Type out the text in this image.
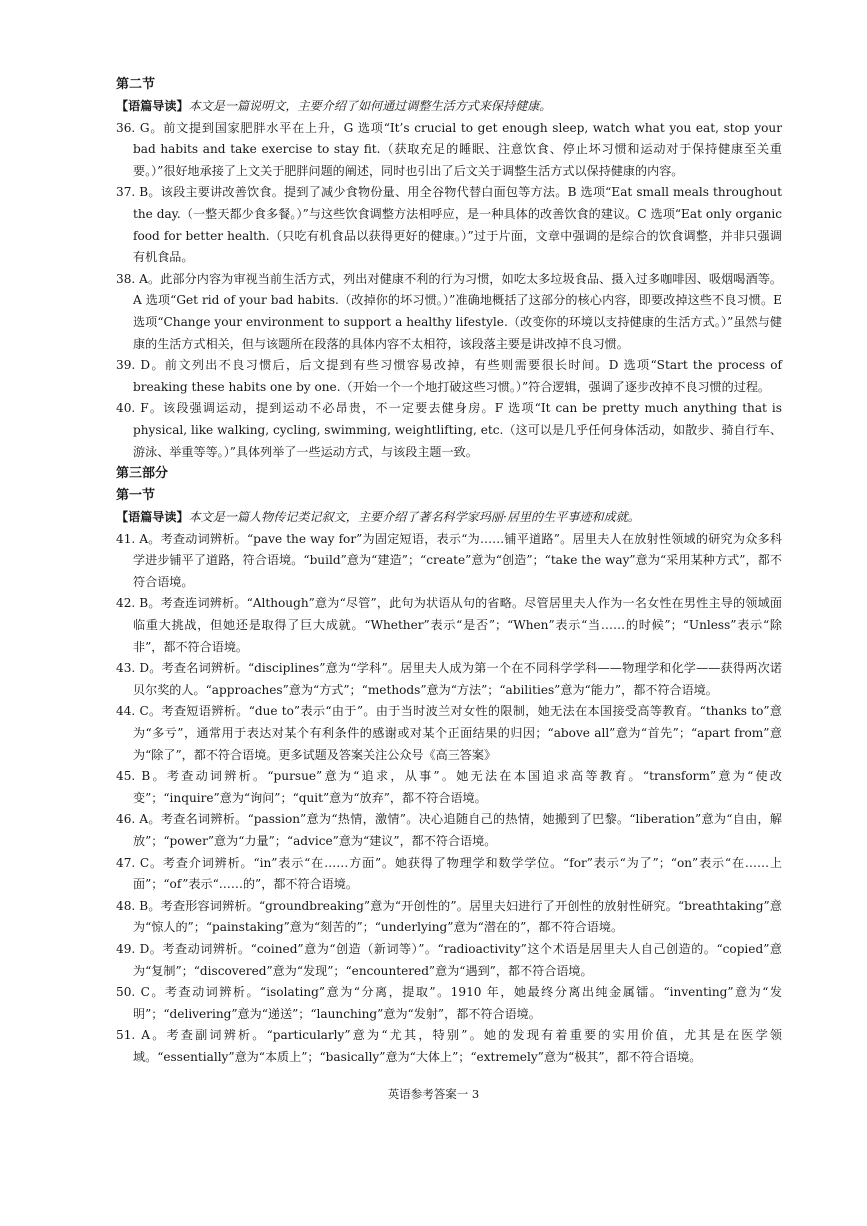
第二节

【语篇导读】本文是一篇说明文，主要介绍了如何通过调整生活方式来保持健康。

36. G。前文提到国家肥胖水平在上升，G 选项“It’s crucial to get enough sleep, watch what you eat, stop your bad habits and take exercise to stay fit.（获取充足的睡眠、注意饮食、停止坏习惯和运动对于保持健康至关重要。）”很好地承接了上文关于肥胖问题的阐述，同时也引出了后文关于调整生活方式以保持健康的内容。

37. B。该段主要讲改善饮食。提到了减少食物份量、用全谷物代替白面包等方法。B 选项“Eat small meals throughout the day.（一整天都少食多餐。）”与这些饮食调整方法相呼应，是一种具体的改善饮食的建议。C 选项“Eat only organic food for better health.（只吃有机食品以获得更好的健康。）”过于片面，文章中强调的是综合的饮食调整，并非只强调有机食品。

38. A。此部分内容为审视当前生活方式，列出对健康不利的行为习惯，如吃太多垃圾食品、摄入过多咖啡因、吸烟喝酒等。A 选项“Get rid of your bad habits.（改掉你的坏习惯。）”准确地概括了这部分的核心内容，即要改掉这些不良习惯。E 选项“Change your environment to support a healthy lifestyle.（改变你的环境以支持健康的生活方式。）”虽然与健康的生活方式相关，但与该题所在段落的具体内容不太相符，该段落主要是讲改掉不良习惯。

39. D。前文列出不良习惯后，后文提到有些习惯容易改掉，有些则需要很长时间。D 选项“Start the process of breaking these habits one by one.（开始一个一个地打破这些习惯。）”符合逻辑，强调了逐步改掉不良习惯的过程。

40. F。该段强调运动，提到运动不必昂贵，不一定要去健身房。F 选项“It can be pretty much anything that is physical, like walking, cycling, swimming, weightlifting, etc.（这可以是几乎任何身体活动，如散步、骑自行车、游泳、举重等等。）”具体列举了一些运动方式，与该段主题一致。

第三部分

第一节

【语篇导读】本文是一篇人物传记类记叙文，主要介绍了著名科学家玛丽·居里的生平事迹和成就。

41. A。考查动词辨析。“pave the way for”为固定短语，表示“为……铺平道路”。居里夫人在放射性领域的研究为众多科学进步铺平了道路，符合语境。“build”意为“建造”；“create”意为“创造”；“take the way”意为“采用某种方式”，都不符合语境。

42. B。考查连词辨析。“Although”意为“尽管”，此句为状语从句的省略。尽管居里夫人作为一名女性在男性主导的领域面临重大挑战，但她还是取得了巨大成就。“Whether”表示“是否”；“When”表示“当……的时候”；“Unless”表示“除非”，都不符合语境。

43. D。考查名词辨析。“disciplines”意为“学科”。居里夫人成为第一个在不同科学学科——物理学和化学——获得两次诺贝尔奖的人。“approaches”意为“方式”；“methods”意为“方法”；“abilities”意为“能力”，都不符合语境。

44. C。考查短语辨析。“due to”表示“由于”。由于当时波兰对女性的限制，她无法在本国接受高等教育。“thanks to”意为“多亏”，通常用于表达对某个有利条件的感谢或对某个正面结果的归因；“above all”意为“首先”；“apart from”意为“除了”，都不符合语境。更多试题及答案关注公众号《高三答案》

45. B。考查动词辨析。“pursue”意为“追求，从事”。她无法在本国追求高等教育。“transform”意为“使改变”；“inquire”意为“询问”；“quit”意为“放弃”，都不符合语境。

46. A。考查名词辨析。“passion”意为“热情，激情”。决心追随自己的热情，她搬到了巴黎。“liberation”意为“自由，解放”；“power”意为“力量”；“advice”意为“建议”，都不符合语境。

47. C。考查介词辨析。“in”表示“在……方面”。她获得了物理学和数学学位。“for”表示“为了”；“on”表示“在……上面”；“of”表示“……的”，都不符合语境。

48. B。考查形容词辨析。“groundbreaking”意为“开创性的”。居里夫妇进行了开创性的放射性研究。“breathtaking”意为“惊人的”；“painstaking”意为“刻苦的”；“underlying”意为“潜在的”，都不符合语境。

49. D。考查动词辨析。“coined”意为“创造（新词等）”。“radioactivity”这个术语是居里夫人自己创造的。“copied”意为“复制”；“discovered”意为“发现”；“encountered”意为“遇到”，都不符合语境。

50. C。考查动词辨析。“isolating”意为“分离，提取”。1910 年，她最终分离出纯金属镭。“inventing”意为“发明”；“delivering”意为“递送”；“launching”意为“发射”，都不符合语境。

51. A。考查副词辨析。“particularly”意为“尤其，特别”。她的发现有着重要的实用价值，尤其是在医学领域。“essentially”意为“本质上”；“basically”意为“大体上”；“extremely”意为“极其”，都不符合语境。

英语参考答案一 3
